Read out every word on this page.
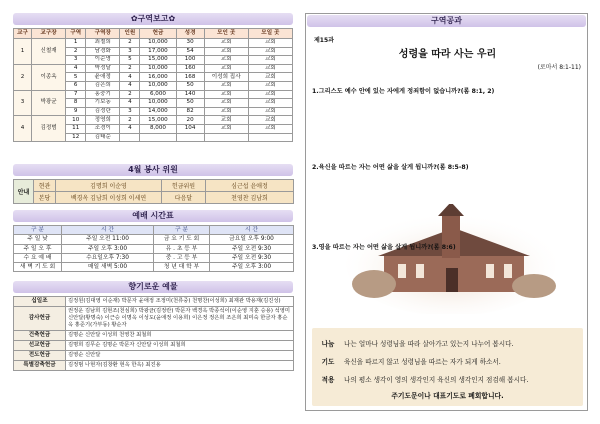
✿구역보고✿
교구	교구장	구역	구역장	인원	헌금	성경	모인 곳	모일 곳
1	신철재	1	최철희	2	10,000	30	교회	교회
		2	남경화	3	17,000	54	교회	교회
		3	이순영	5	15,000	100	교회	교회
2	이종옥	4	박정달	2	10,000	160	교회	교회
		5	윤애정	4	16,000	168	이성희 집사	교회
		6	김은희	4	10,000	50	교회	교회
3	박광균	7	홍중기	2	6,000	140	교회	교회
		8	기보동	4	10,000	50	교회	교회
		9	김정란	3	14,000	82	교회	교회
4	김정범	10	정영희	2	15,000	20	교회	교회
		11	조경이	4	8,000	104	교회	교회
		12	김태순					
4월 봉사 위원
안내	현관	김명희 이순영	헌금위원	심근섭 윤애정
	본당	백경옥 김남희 이성희 이세연	다음달	천영찬 김남희
예배 시간표
구 분	시 간	구 분	시 간
주 일 낮	주일 오전 11:00	금 요 기 도 회	금요일 오후 9:00
주 일 오 후	주일 오후 3:00	유 . 초 등 부	주일 오전 9:30
수 요 예 배	수요일오후 7:30	중 . 고 등 부	주일 오전 9:30
새 벽 기 도 회	매일 새벽 5:00	청 년 대 학 부	주일 오후 3:00
향기로운 예물
십일조	김정원(김대영 이순재) 박문자 윤애정 조정미(천류중) 천명찬(이성희) 최재관 박용재(김진성)
감사헌금	권정운 김남희 김현조(천심희) 박광균(김정란) 박문자 백경옥 박종석이(이순영 지훈 승용) 석영미 신안달(황명숙) 이근승 이명옥 이성도(윤애정 이용희) 이은정 정은희 조은희 최미숙 한금자 홍순옥 홍준기(가부동) 황순자
건축헌금	김명순 신안달 이성희 천영찬 최철희
선교헌금	김명희 김무순 김명순 박문자 신안달 이성희 최철희
전도헌금	김영순 신안달
특별감축헌금	김정범 나현자(김창환 현옥 한옥) 최진용
구역공과
제15과
성령을 따라 사는 우리
(로마서 8:1-11)
1.그리스도 예수 안에 있는 자에게 정죄함이 없습니까?(롬 8:1, 2)
2.육신을 따르는 자는 어떤 삶을 살게 됩니까?(롬 8:5-8)
3.영을 따르는 자는 어떤 삶을 살게 됩니까?(롬 8:6)
나눔	나는 얼마나 성령님을 따라 살아가고 있는지 나누어 봅시다.
기도	육신을 따르지 않고 성령님을 따르는 자가 되게 하소서.
적용	나의 평소 생각이 영의 생각인지 육신의 생각인지 점검해 봅시다.
주기도문이나 대표기도로 폐회합니다.
